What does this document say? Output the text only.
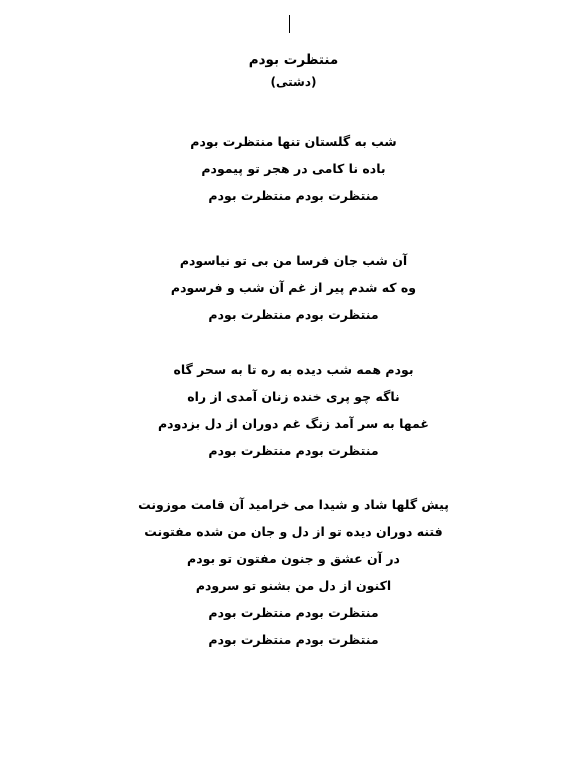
منتظرت بودم
(دشتی)
شب به گلستان تنها منتظرت بودم
باده نا کامی در هجر تو پیمودم
منتظرت بودم منتظرت بودم
آن شب جان فرسا من بی تو نیاسودم
وه که شدم پیر از غم آن شب و فرسودم
منتظرت بودم منتظرت بودم
بودم همه شب دیده به ره تا به سحر گاه
ناگه چو پری خنده زنان آمدی از راه
غمها به سر آمد زنگ غم دوران از دل بزدودم
منتظرت بودم منتظرت بودم
پیش گلها شاد و شیدا می خرامید آن قامت موزونت
فتنه دوران دیده تو از دل و جان من شده مفتونت
در آن عشق و جنون مفتون تو بودم
اکنون از دل من بشنو تو سرودم
منتظرت بودم منتظرت بودم
منتظرت بودم منتظرت بودم
